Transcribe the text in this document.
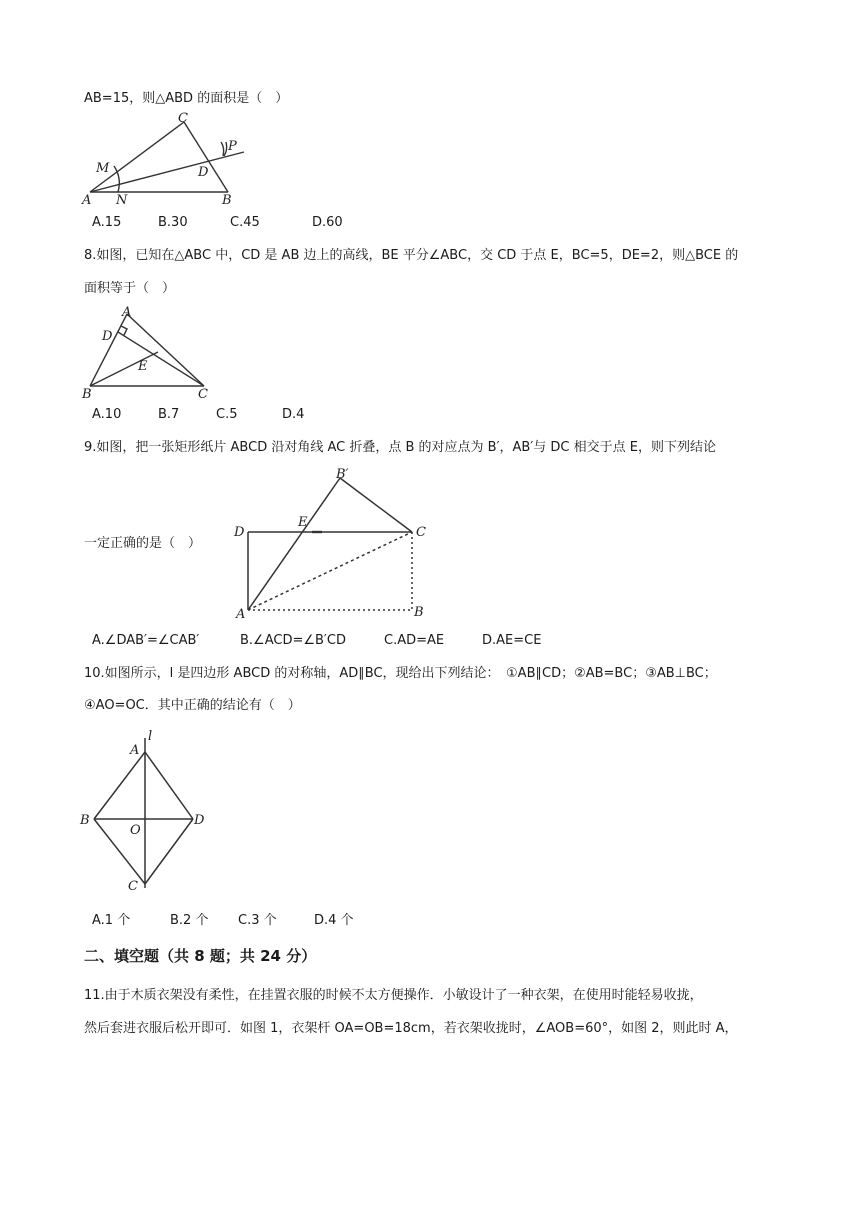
AB=15，则△ABD 的面积是（　）
C
M
P
D
A N	B
A.15	B.30	C.45	D.60
8.如图，已知在△ABC 中，CD 是 AB 边上的高线，BE 平分∠ABC，交 CD 于点 E，BC=5，DE=2，则△BCE 的
面积等于（　）
A
D
E
B	C
A.10	B.7	C.5	D.4
9.如图，把一张矩形纸片 ABCD 沿对角线 AC 折叠，点 B 的对应点为 B′，AB′与 DC 相交于点 E，则下列结论
B′
D
E
C
A	B
一定正确的是（　）
A.∠DAB′=∠CAB′	B.∠ACD=∠B′CD	C.AD=AE	D.AE=CE
10.如图所示，l 是四边形 ABCD 的对称轴，AD∥BC，现给出下列结论：　①AB∥CD；②AB=BC；③AB⊥BC；
④AO=OC．其中正确的结论有（　）
A
l
B
O
D
C
A.1 个	B.2 个 C.3 个	D.4 个
二、填空题（共 8 题；共 24 分）
11.由于木质衣架没有柔性，在挂置衣服的时候不太方便操作．小敏设计了一种衣架，在使用时能轻易收拢，
然后套进衣服后松开即可．如图 1，衣架杆 OA=OB=18cm，若衣架收拢时，∠AOB=60°，如图 2，则此时 A，
